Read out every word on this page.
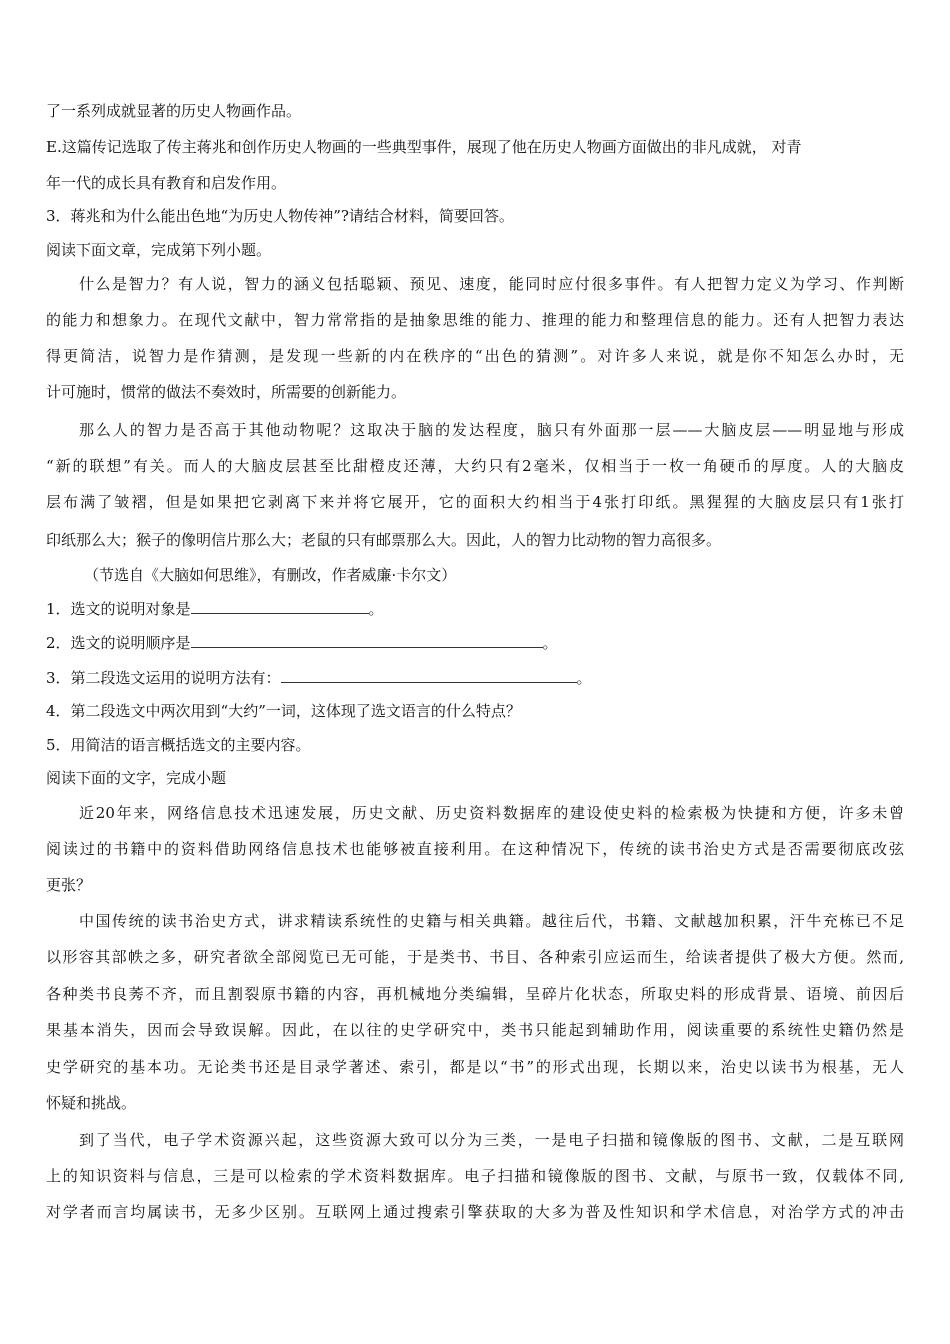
了一系列成就显著的历史人物画作品。
E.这篇传记选取了传主蒋兆和创作历史人物画的一些典型事件，展现了他在历史人物画方面做出的非凡成就， 对青
年一代的成长具有教育和启发作用。
3．蒋兆和为什么能出色地“为历史人物传神”?请结合材料，简要回答。
阅读下面文章，完成第下列小题。
什么是智力？有人说，智力的涵义包括聪颖、预见、速度，能同时应付很多事件。有人把智力定义为学习、作判断
的能力和想象力。在现代文献中，智力常常指的是抽象思维的能力、推理的能力和整理信息的能力。还有人把智力表达
得更简洁，说智力是作猜测，是发现一些新的内在秩序的“出色的猜测”。对许多人来说，就是你不知怎么办时，无
计可施时，惯常的做法不奏效时，所需要的创新能力。
那么人的智力是否高于其他动物呢？这取决于脑的发达程度，脑只有外面那一层——大脑皮层——明显地与形成
“新的联想”有关。而人的大脑皮层甚至比甜橙皮还薄，大约只有2毫米，仅相当于一枚一角硬币的厚度。人的大脑皮
层布满了皱褶，但是如果把它剥离下来并将它展开，它的面积大约相当于4张打印纸。黑猩猩的大脑皮层只有1张打
印纸那么大；猴子的像明信片那么大；老鼠的只有邮票那么大。因此，人的智力比动物的智力高很多。
（节选自《大脑如何思维》，有删改，作者威廉·卡尔文）
1．选文的说明对象是	。
2．选文的说明顺序是	。
3．第二段选文运用的说明方法有：	。
4．第二段选文中两次用到“大约”一词，这体现了选文语言的什么特点？
5．用简洁的语言概括选文的主要内容。
阅读下面的文字，完成小题
近20年来，网络信息技术迅速发展，历史文献、历史资料数据库的建设使史料的检索极为快捷和方便，许多未曾
阅读过的书籍中的资料借助网络信息技术也能够被直接利用。在这种情况下，传统的读书治史方式是否需要彻底改弦
更张？
中国传统的读书治史方式，讲求精读系统性的史籍与相关典籍。越往后代，书籍、文献越加积累，汗牛充栋已不足
以形容其部帙之多，研究者欲全部阅览已无可能，于是类书、书目、各种索引应运而生，给读者提供了极大方便。然而,
各种类书良莠不齐，而且割裂原书籍的内容，再机械地分类编辑，呈碎片化状态，所取史料的形成背景、语境、前因后
果基本消失，因而会导致误解。因此，在以往的史学研究中，类书只能起到辅助作用，阅读重要的系统性史籍仍然是
史学研究的基本功。无论类书还是目录学著述、索引，都是以“书”的形式出现，长期以来，治史以读书为根基，无人
怀疑和挑战。
到了当代，电子学术资源兴起，这些资源大致可以分为三类，一是电子扫描和镜像版的图书、文献，二是互联网
上的知识资料与信息，三是可以检索的学术资料数据库。电子扫描和镜像版的图书、文献，与原书一致，仅载体不同,
对学者而言均属读书，无多少区别。互联网上通过搜索引擎获取的大多为普及性知识和学术信息，对治学方式的冲击
